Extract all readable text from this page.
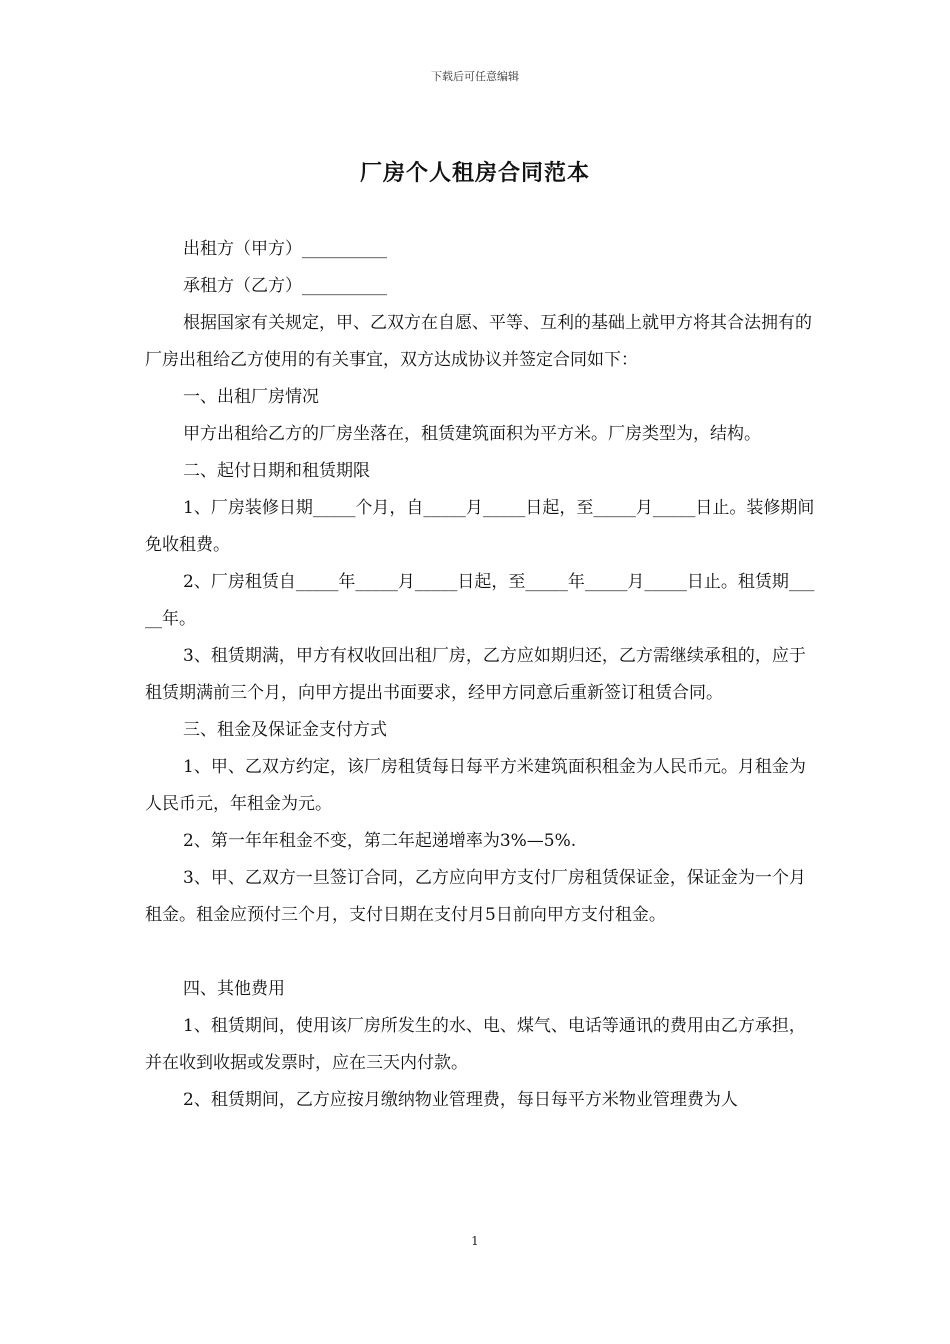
下载后可任意编辑
厂房个人租房合同范本

出租方（甲方）__________

承租方（乙方）__________

根据国家有关规定，甲、乙双方在自愿、平等、互利的基础上就甲方将其合法拥有的厂房出租给乙方使用的有关事宜，双方达成协议并签定合同如下：

一、出租厂房情况

甲方出租给乙方的厂房坐落在，租赁建筑面积为平方米。厂房类型为，结构。

二、起付日期和租赁期限

1、厂房装修日期_____个月，自_____月_____日起，至_____月_____日止。装修期间免收租费。

2、厂房租赁自_____年_____月_____日起，至_____年_____月_____日止。租赁期_____年。

3、租赁期满，甲方有权收回出租厂房，乙方应如期归还，乙方需继续承租的，应于租赁期满前三个月，向甲方提出书面要求，经甲方同意后重新签订租赁合同。

三、租金及保证金支付方式

1、甲、乙双方约定，该厂房租赁每日每平方米建筑面积租金为人民币元。月租金为人民币元，年租金为元。

2、第一年年租金不变，第二年起递增率为3%—5%.

3、甲、乙双方一旦签订合同，乙方应向甲方支付厂房租赁保证金，保证金为一个月租金。租金应预付三个月，支付日期在支付月5日前向甲方支付租金。

四、其他费用

1、租赁期间，使用该厂房所发生的水、电、煤气、电话等通讯的费用由乙方承担，并在收到收据或发票时，应在三天内付款。

2、租赁期间，乙方应按月缴纳物业管理费，每日每平方米物业管理费为人

1
